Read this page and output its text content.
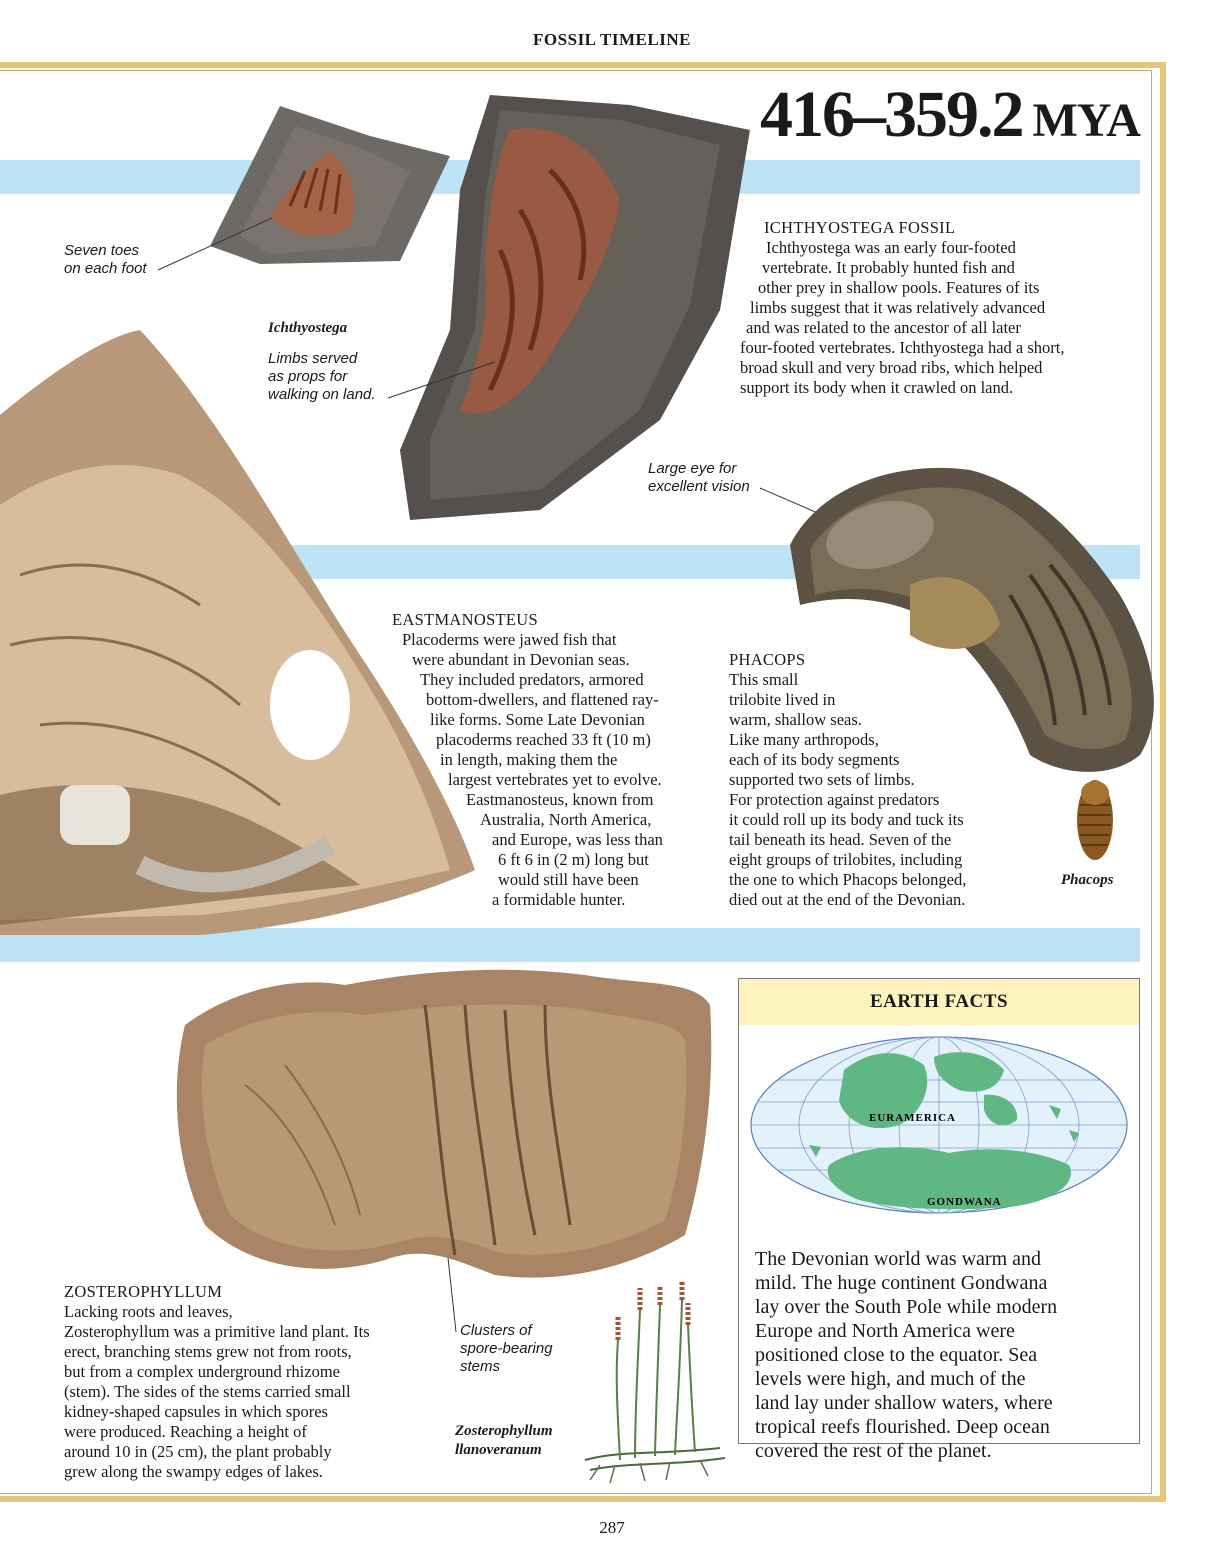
FOSSIL TIMELINE
416–359.2 MYA
ICHTHYOSTEGA FOSSIL
Ichthyostega was an early four-footed
vertebrate. It probably hunted fish and
other prey in shallow pools. Features of its
limbs suggest that it was relatively advanced
and was related to the ancestor of all later
four-footed vertebrates. Ichthyostega had a short,
broad skull and very broad ribs, which helped
support its body when it crawled on land.
Seven toes
on each foot
Ichthyostega
Limbs served
as props for
walking on land.
EASTMANOSTEUS
Placoderms were jawed fish that
were abundant in Devonian seas.
They included predators, armored
bottom-dwellers, and flattened ray-
like forms. Some Late Devonian
placoderms reached 33 ft (10 m)
in length, making them the
largest vertebrates yet to evolve.
Eastmanosteus, known from
Australia, North America,
and Europe, was less than
6 ft 6 in (2 m) long but
would still have been
a formidable hunter.
Large eye for
excellent vision
PHACOPS
This small
trilobite lived in
warm, shallow seas.
Like many arthropods,
each of its body segments
supported two sets of limbs.
For protection against predators
it could roll up its body and tuck its
tail beneath its head. Seven of the
eight groups of trilobites, including
the one to which Phacops belonged,
died out at the end of the Devonian.
Phacops
ZOSTEROPHYLLUM
Lacking roots and leaves,
Zosterophyllum was a primitive land plant. Its
erect, branching stems grew not from roots,
but from a complex underground rhizome
(stem). The sides of the stems carried small
kidney-shaped capsules in which spores
were produced. Reaching a height of
around 10 in (25 cm), the plant probably
grew along the swampy edges of lakes.
Clusters of
spore-bearing
stems
Zosterophyllum
llanoveranum
EARTH FACTS
EURAMERICA
GONDWANA
The Devonian world was warm and
mild. The huge continent Gondwana
lay over the South Pole while modern
Europe and North America were
positioned close to the equator. Sea
levels were high, and much of the
land lay under shallow waters, where
tropical reefs flourished. Deep ocean
covered the rest of the planet.
287
